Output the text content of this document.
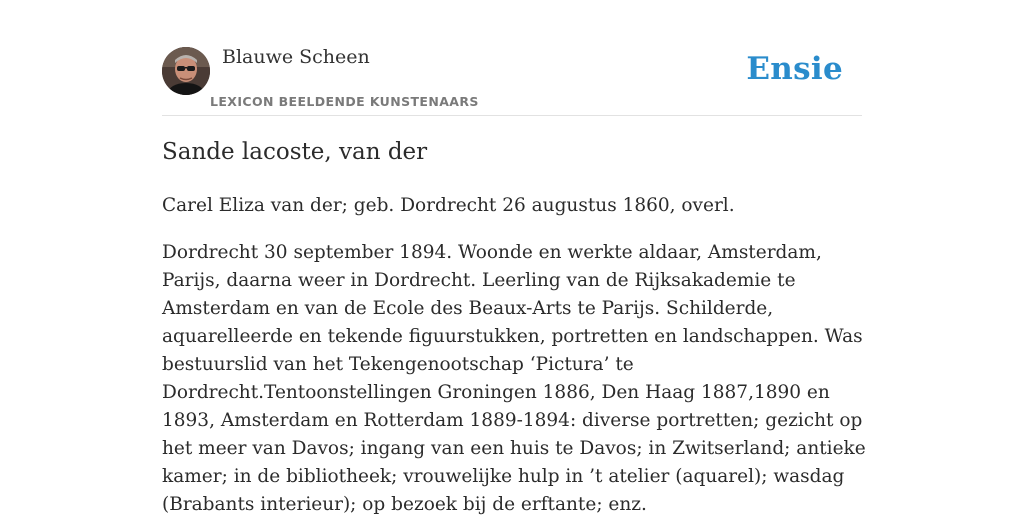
Blauwe Scheen
LEXICON BEELDENDE KUNSTENAARS
Ensie
Sande lacoste, van der

Carel Eliza van der; geb. Dordrecht 26 augustus 1860, overl.

Dordrecht 30 september 1894. Woonde en werkte aldaar, Amsterdam, Parijs, daarna weer in Dordrecht. Leerling van de Rijksakademie te Amsterdam en van de Ecole des Beaux-Arts te Parijs. Schilderde, aquarelleerde en tekende figuurstukken, portretten en landschappen. Was bestuurslid van het Tekengenootschap ‘Pictura’ te Dordrecht.Tentoonstellingen Groningen 1886, Den Haag 1887,1890 en 1893, Amsterdam en Rotterdam 1889-1894: diverse portretten; gezicht op het meer van Davos; ingang van een huis te Davos; in Zwitserland; antieke kamer; in de bibliotheek; vrouwelijke hulp in ’t atelier (aquarel); wasdag (Brabants interieur); op bezoek bij de erftante; enz.
